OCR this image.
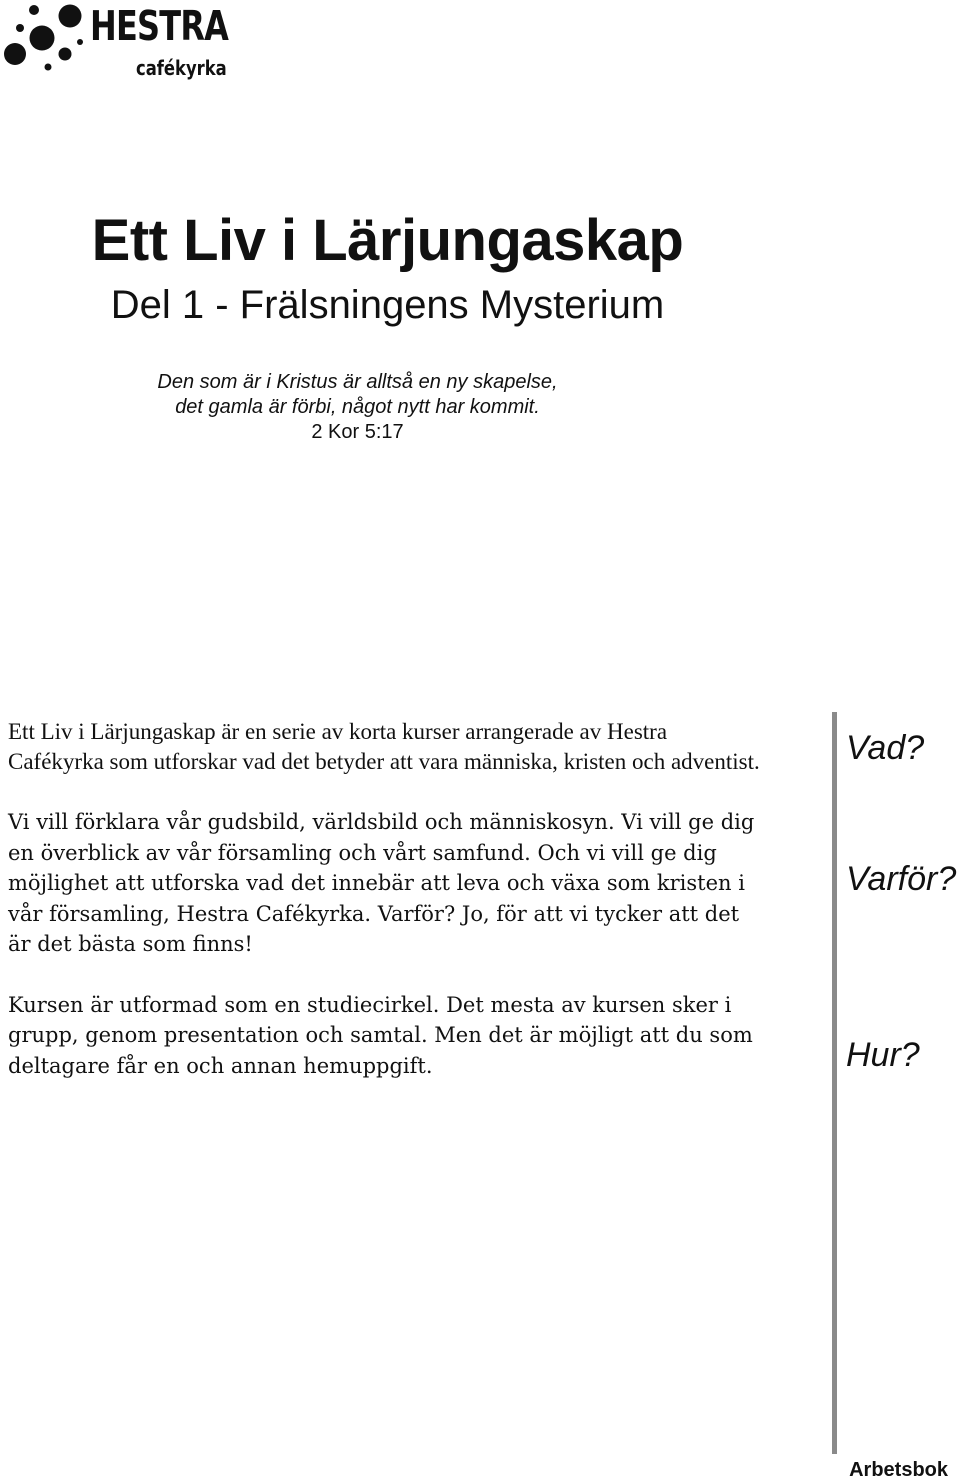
HESTRA
cafékyrka
Ett Liv i Lärjungaskap
Del 1 - Frälsningens Mysterium
Den som är i Kristus är alltså en ny skapelse,
det gamla är förbi, något nytt har kommit.
2 Kor 5:17

Ett Liv i Lärjungaskap är en serie av korta kurser arrangerade av Hestra Cafékyrka som utforskar vad det betyder att vara människa, kristen och adventist.

Vi vill förklara vår gudsbild, världsbild och människosyn. Vi vill ge dig en överblick av vår församling och vårt samfund. Och vi vill ge dig möjlighet att utforska vad det innebär att leva och växa som kristen i vår församling, Hestra Cafékyrka. Varför? Jo, för att vi tycker att det är det bästa som finns!

Kursen är utformad som en studiecirkel. Det mesta av kursen sker i grupp, genom presentation och samtal. Men det är möjligt att du som deltagare får en och annan hemuppgift.

Vad?
Varför?
Hur?
Arbetsbok
